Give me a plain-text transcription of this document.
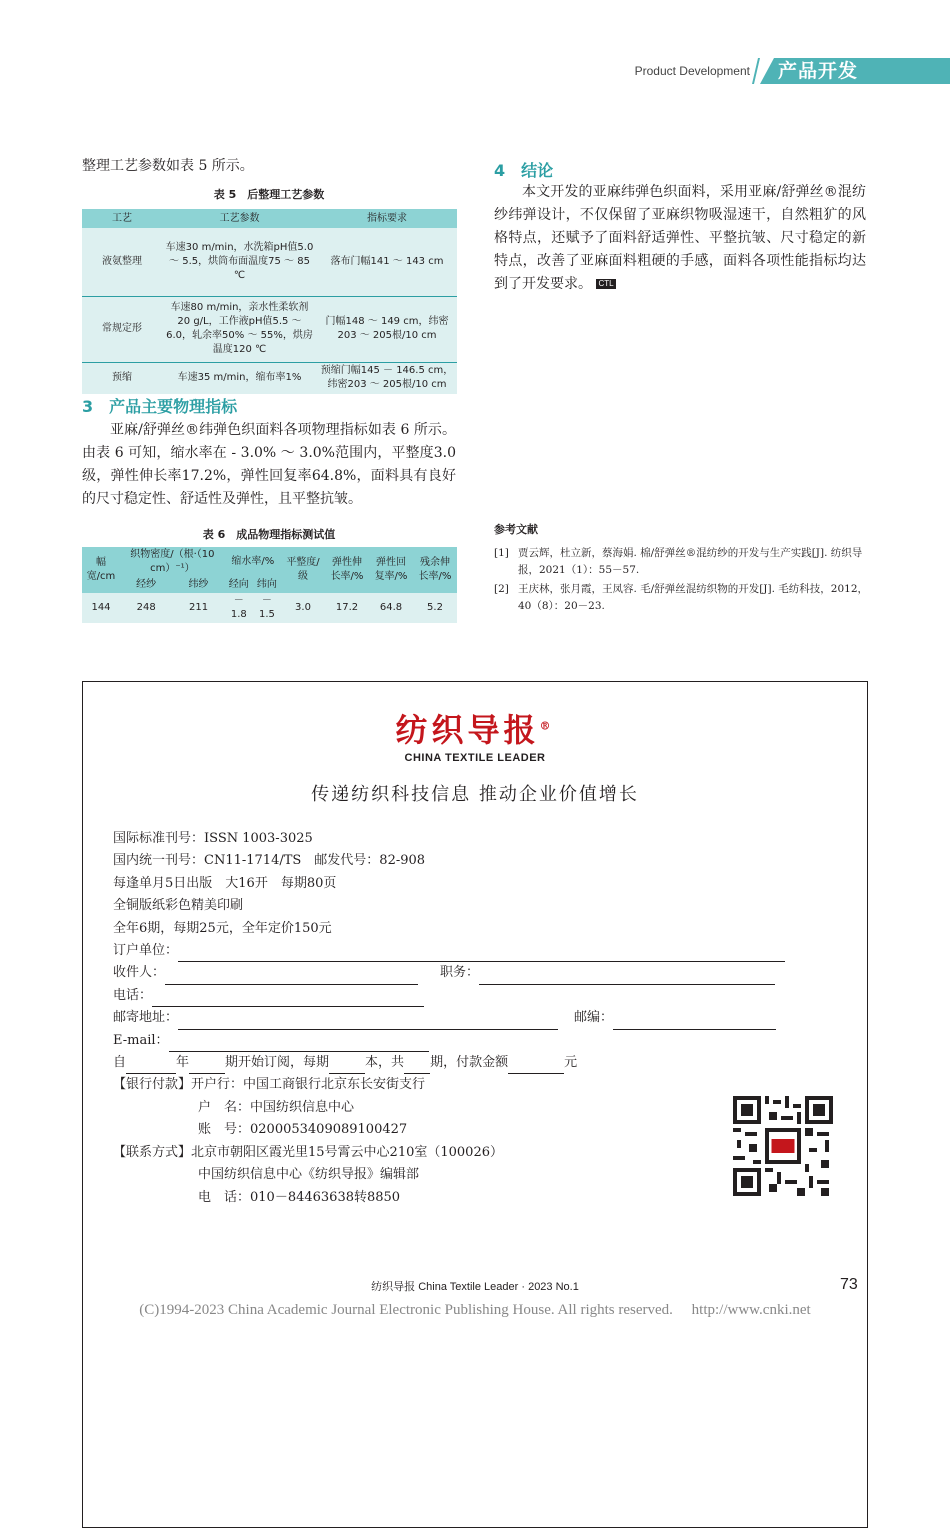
Product Development 产品开发
整理工艺参数如表 5 所示。
表 5　后整理工艺参数
工艺	工艺参数	指标要求
液氨整理	车速30 m/min，水洗箱pH值5.0 ～ 5.5，烘筒布面温度75 ～ 85 ℃	落布门幅141 ～ 143 cm
常规定形	车速80 m/min，亲水性柔软剂20 g/L，工作液pH值5.5 ～ 6.0，轧余率50% ～ 55%，烘房温度120 ℃	门幅148 ～ 149 cm，纬密203 ～ 205根/10 cm
预缩	车速35 m/min，缩布率1%	预缩门幅145 － 146.5 cm，纬密203 ～ 205根/10 cm
3　产品主要物理指标
亚麻/舒弹丝®纬弹色织面料各项物理指标如表 6 所示。由表 6 可知，缩水率在 - 3.0% ～ 3.0%范围内，平整度3.0级，弹性伸长率17.2%，弹性回复率64.8%，面料具有良好的尺寸稳定性、舒适性及弹性，且平整抗皱。
表 6　成品物理指标测试值
幅宽/cm	织物密度/（根·（10 cm）⁻¹）		缩水率/%		平整度/级	弹性伸长率/%	弹性回复率/%	残余伸长率/%
	经纱	纬纱	经向	纬向				
144	248	211	－1.8	－1.5	3.0	17.2	64.8	5.2
4　结论
本文开发的亚麻纬弹色织面料，采用亚麻/舒弹丝®混纺纱纬弹设计，不仅保留了亚麻织物吸湿速干，自然粗犷的风格特点，还赋予了面料舒适弹性、平整抗皱、尺寸稳定的新特点，改善了亚麻面料粗硬的手感，面料各项性能指标均达到了开发要求。 CTL
参考文献
[1] 贾云辉，杜立新，蔡海娟. 棉/舒弹丝®混纺纱的开发与生产实践[J]. 纺织导报，2021（1）：55－57.
[2] 王庆林，张月霞，王凤容. 毛/舒弹丝混纺织物的开发[J]. 毛纺科技，2012，40（8）：20－23.
纺织导报®
CHINA TEXTILE LEADER
传递纺织科技信息 推动企业价值增长
国际标准刊号：ISSN 1003-3025
国内统一刊号：CN11-1714/TS　邮发代号：82-908
每逢单月5日出版　大16开　每期80页
全铜版纸彩色精美印刷
全年6期，每期25元，全年定价150元
订户单位：
收件人：	职务：
电话：
邮寄地址：	邮编：
E-mail：
自	年	期开始订阅，每期	本，共 期，付款金额	元
【银行付款】开户行：中国工商银行北京东长安街支行
户　名：中国纺织信息中心
账　号：0200053409089100427
【联系方式】北京市朝阳区霞光里15号霄云中心210室（100026）
中国纺织信息中心《纺织导报》编辑部
电　话：010－84463638转8850
纺织导报 China Textile Leader · 2023 No.1	73
(C)1994-2023 China Academic Journal Electronic Publishing House. All rights reserved.　 http://www.cnki.net
